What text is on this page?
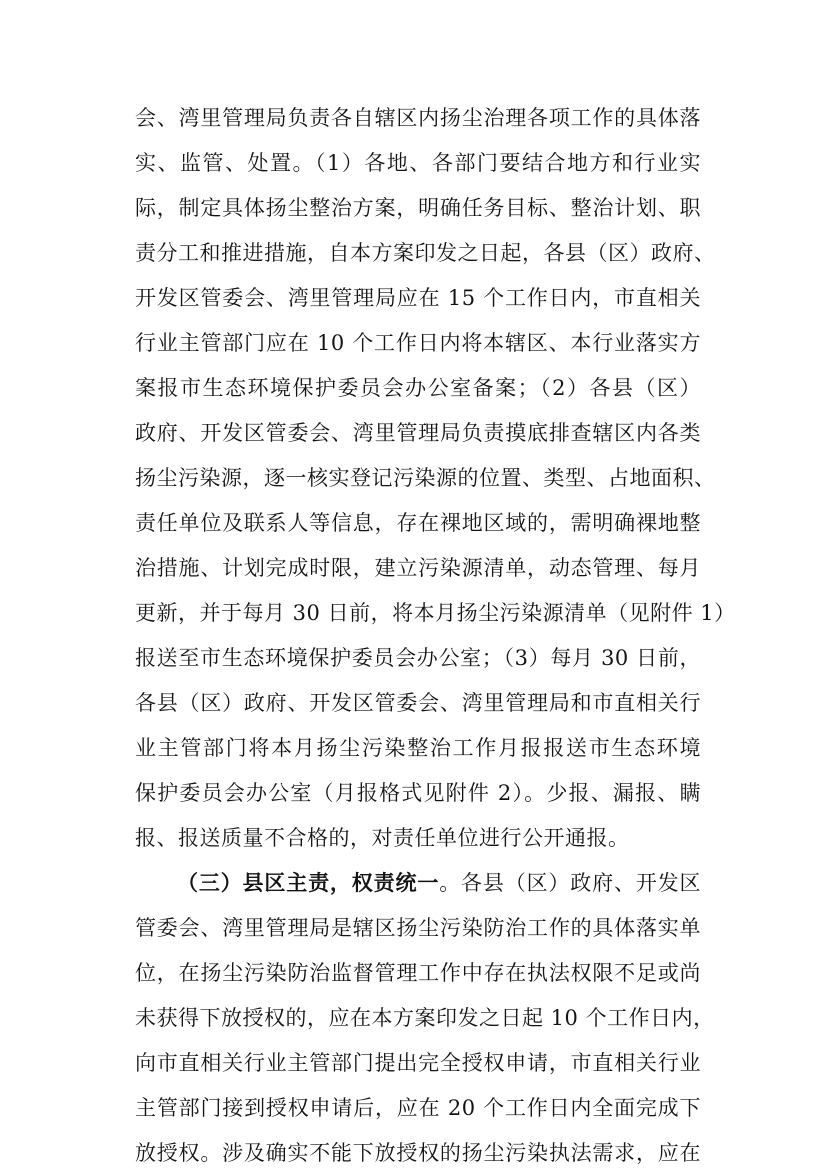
会、湾里管理局负责各自辖区内扬尘治理各项工作的具体落
实、监管、处置。（1）各地、各部门要结合地方和行业实
际，制定具体扬尘整治方案，明确任务目标、整治计划、职
责分工和推进措施，自本方案印发之日起，各县（区）政府、
开发区管委会、湾里管理局应在 15 个工作日内，市直相关
行业主管部门应在 10 个工作日内将本辖区、本行业落实方
案报市生态环境保护委员会办公室备案；（2）各县（区）
政府、开发区管委会、湾里管理局负责摸底排查辖区内各类
扬尘污染源，逐一核实登记污染源的位置、类型、占地面积、
责任单位及联系人等信息，存在裸地区域的，需明确裸地整
治措施、计划完成时限，建立污染源清单，动态管理、每月
更新，并于每月 30 日前，将本月扬尘污染源清单（见附件 1）
报送至市生态环境保护委员会办公室；（3）每月 30 日前，
各县（区）政府、开发区管委会、湾里管理局和市直相关行
业主管部门将本月扬尘污染整治工作月报报送市生态环境
保护委员会办公室（月报格式见附件 2）。少报、漏报、瞒
报、报送质量不合格的，对责任单位进行公开通报。
（三）县区主责，权责统一。各县（区）政府、开发区
管委会、湾里管理局是辖区扬尘污染防治工作的具体落实单
位，在扬尘污染防治监督管理工作中存在执法权限不足或尚
未获得下放授权的，应在本方案印发之日起 10 个工作日内，
向市直相关行业主管部门提出完全授权申请，市直相关行业
主管部门接到授权申请后，应在 20 个工作日内全面完成下
放授权。涉及确实不能下放授权的扬尘污染执法需求，应在
